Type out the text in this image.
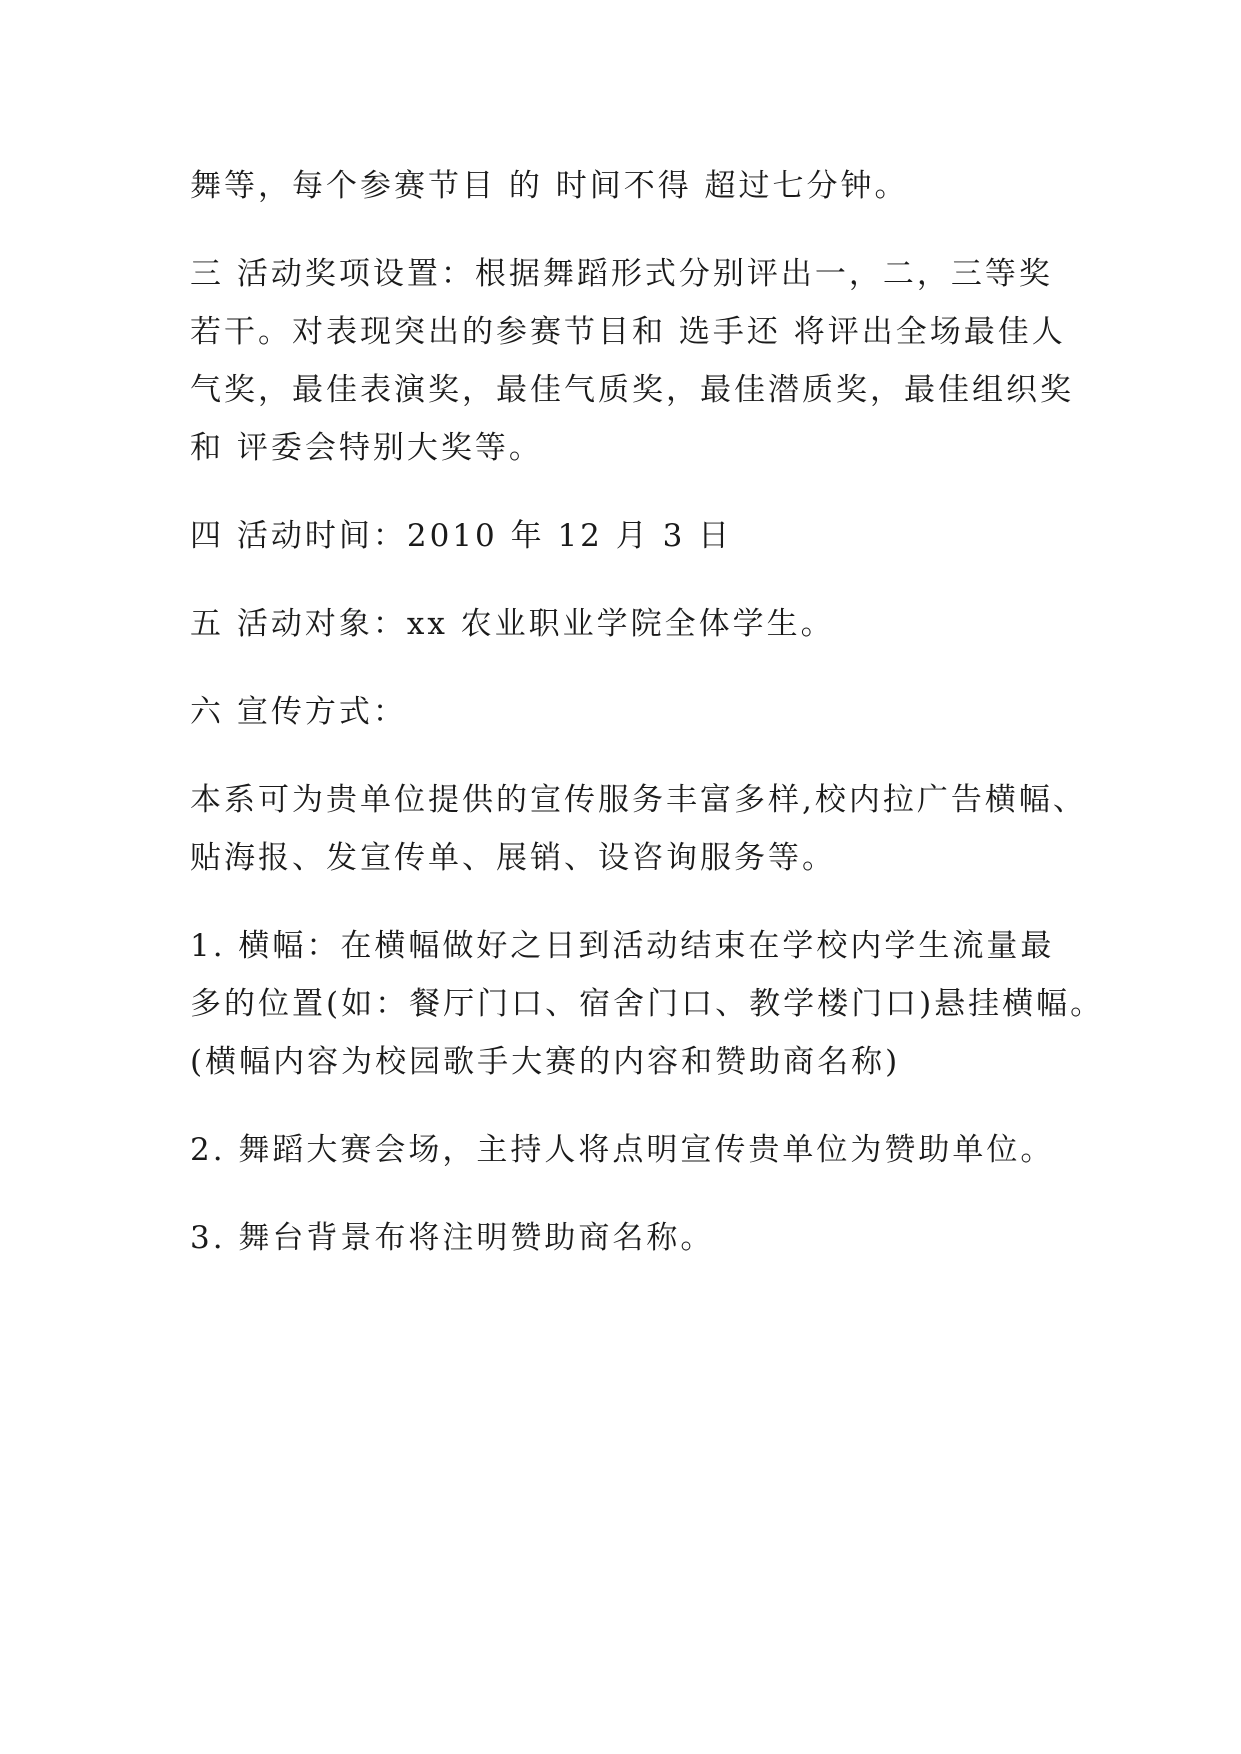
舞等，每个参赛节目 的 时间不得 超过七分钟。
三 活动奖项设置：根据舞蹈形式分别评出一，二，三等奖
若干。对表现突出的参赛节目和 选手还 将评出全场最佳人
气奖，最佳表演奖，最佳气质奖，最佳潜质奖，最佳组织奖
和 评委会特别大奖等。
四 活动时间：2010 年 12 月 3 日
五 活动对象：xx 农业职业学院全体学生。
六 宣传方式：
本系可为贵单位提供的宣传服务丰富多样,校内拉广告横幅、
贴海报、发宣传单、展销、设咨询服务等。
1. 横幅：在横幅做好之日到活动结束在学校内学生流量最
多的位置(如：餐厅门口、宿舍门口、教学楼门口)悬挂横幅。
(横幅内容为校园歌手大赛的内容和赞助商名称)
2. 舞蹈大赛会场，主持人将点明宣传贵单位为赞助单位。
3. 舞台背景布将注明赞助商名称。
